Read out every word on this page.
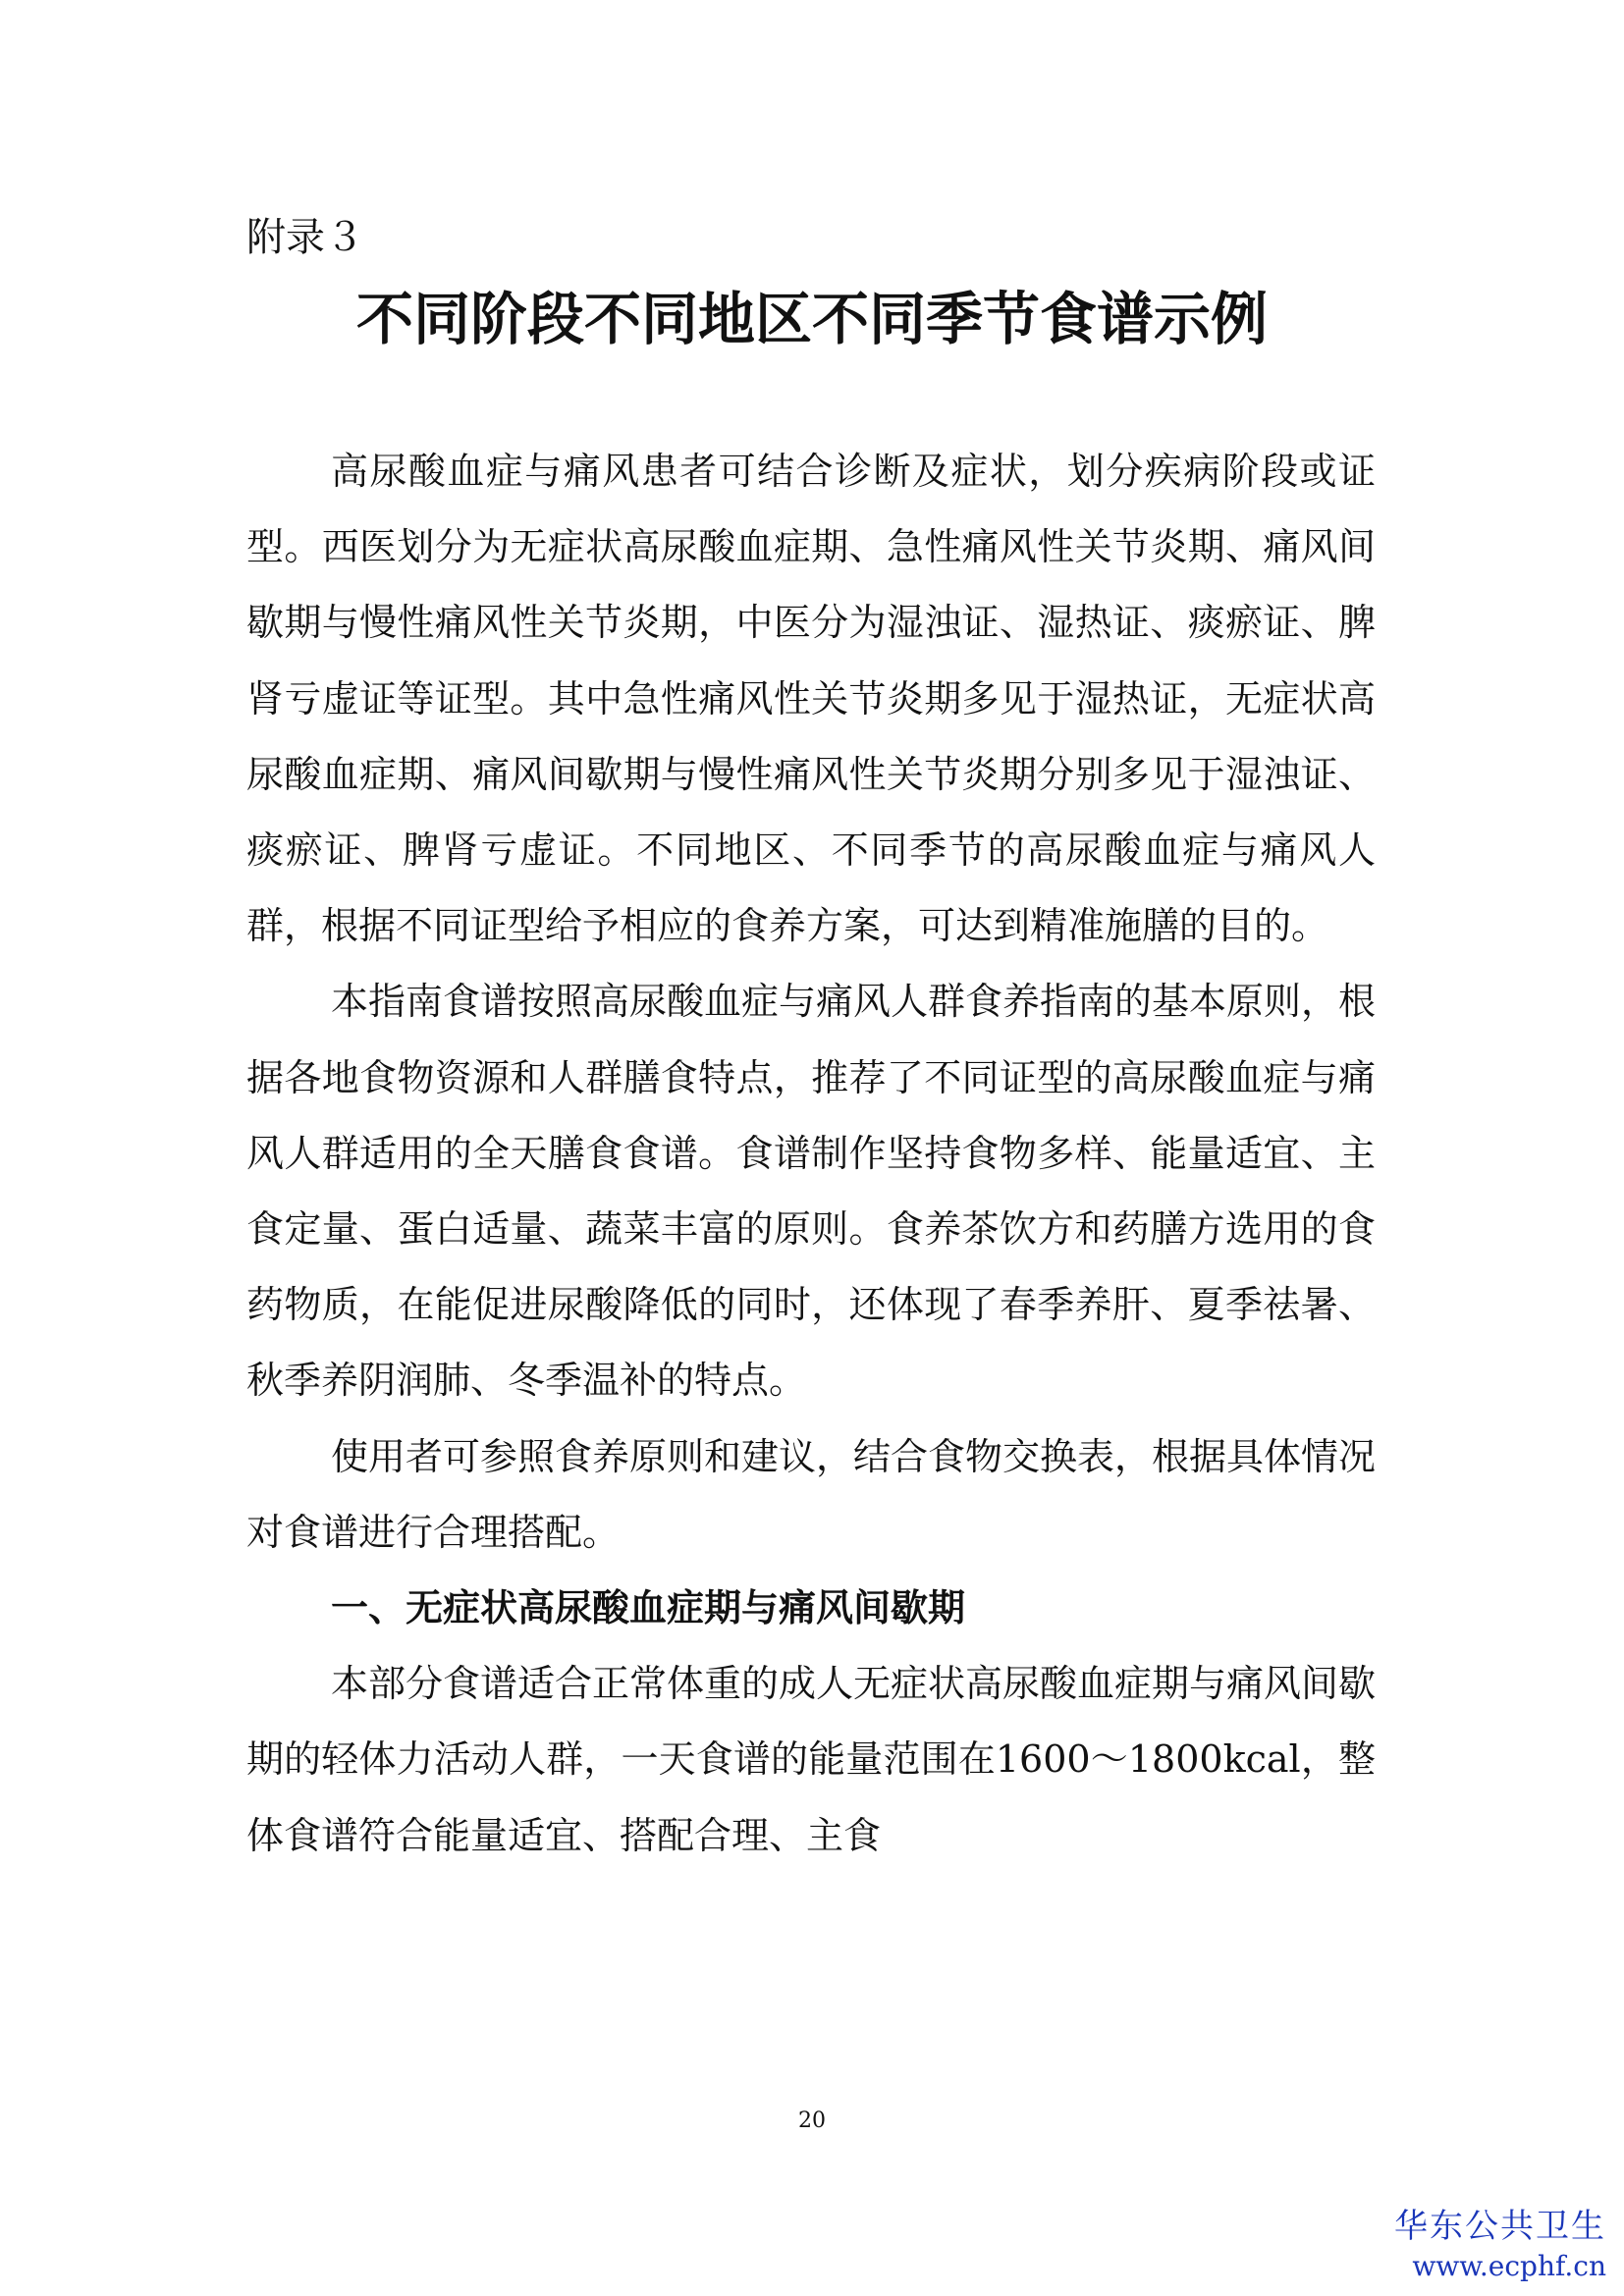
附录３
不同阶段不同地区不同季节食谱示例

高尿酸血症与痛风患者可结合诊断及症状，划分疾病阶段或证型。西医划分为无症状高尿酸血症期、急性痛风性关节炎期、痛风间歇期与慢性痛风性关节炎期，中医分为湿浊证、湿热证、痰瘀证、脾肾亏虚证等证型。其中急性痛风性关节炎期多见于湿热证，无症状高尿酸血症期、痛风间歇期与慢性痛风性关节炎期分别多见于湿浊证、痰瘀证、脾肾亏虚证。不同地区、不同季节的高尿酸血症与痛风人群，根据不同证型给予相应的食养方案，可达到精准施膳的目的。

本指南食谱按照高尿酸血症与痛风人群食养指南的基本原则，根据各地食物资源和人群膳食特点，推荐了不同证型的高尿酸血症与痛风人群适用的全天膳食食谱。食谱制作坚持食物多样、能量适宜、主食定量、蛋白适量、蔬菜丰富的原则。食养茶饮方和药膳方选用的食药物质，在能促进尿酸降低的同时，还体现了春季养肝、夏季祛暑、秋季养阴润肺、冬季温补的特点。

使用者可参照食养原则和建议，结合食物交换表，根据具体情况对食谱进行合理搭配。

一、无症状高尿酸血症期与痛风间歇期

本部分食谱适合正常体重的成人无症状高尿酸血症期与痛风间歇期的轻体力活动人群，一天食谱的能量范围在1600～1800kcal，整体食谱符合能量适宜、搭配合理、主食

20
华东公共卫生
www.ecphf.cn
